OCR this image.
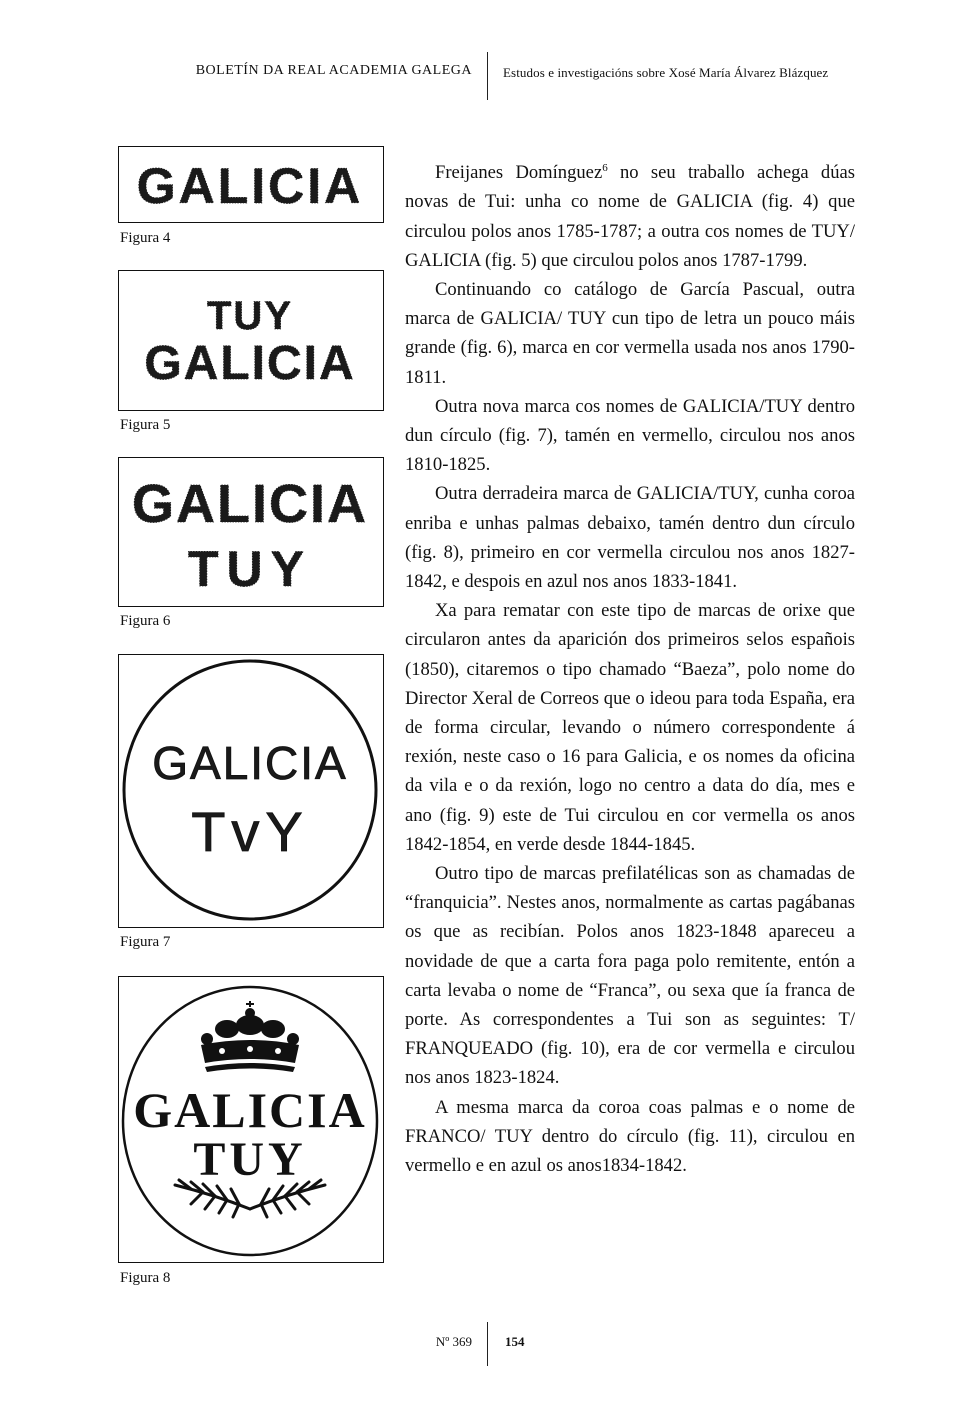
BOLETÍN DA REAL ACADEMIA GALEGA Estudos e investigacións sobre Xosé María Álvarez Blázquez
GALICIA
Figura 4
TUY
GALICIA
Figura 5
GALICIA
TUY
Figura 6
GALICIA
TvY
Figura 7
GALICIA
TUY
Figura 8

Freijanes Domínguez$^6$ no seu traballo achega dúas novas de Tui: unha co nome de GALICIA (fig. 4) que circulou polos anos 1785-1787; a outra cos nomes de TUY/ GALICIA (fig. 5) que circulou polos anos 1787-1799.

Continuando co catálogo de García Pascual, outra marca de GALICIA/ TUY cun tipo de letra un pouco máis grande (fig. 6), marca en cor vermella usada nos anos 1790-1811.

Outra nova marca cos nomes de GALICIA/TUY dentro dun círculo (fig. 7), tamén en vermello, circulou nos anos 1810-1825.

Outra derradeira marca de GALICIA/TUY, cunha coroa enriba e unhas palmas debaixo, tamén dentro dun círculo (fig. 8), primeiro en cor vermella circulou nos anos 1827-1842, e despois en azul nos anos 1833-1841.

Xa para rematar con este tipo de marcas de orixe que circularon antes da aparición dos primeiros selos españois (1850), citaremos o tipo chamado “Baeza”, polo nome do Director Xeral de Correos que o ideou para toda España, era de forma circular, levando o número correspondente á rexión, neste caso o 16 para Galicia, e os nomes da oficina da vila e o da rexión, logo no centro a data do día, mes e ano (fig. 9) este de Tui circulou en cor vermella os anos 1842-1854, en verde desde 1844-1845.

Outro tipo de marcas prefilatélicas son as chamadas de “franquicia”. Nestes anos, normalmente as cartas pagábanas os que as recibían. Polos anos 1823-1848 apareceu a novidade de que a carta fora paga polo remitente, entón a carta levaba o nome de “Franca”, ou sexa que ía franca de porte. As correspondentes a Tui son as seguintes: T/ FRANQUEADO (fig. 10), era de cor vermella e circulou nos anos 1823-1824.

A mesma marca da coroa coas palmas e o nome de FRANCO/ TUY dentro do círculo (fig. 11), circulou en vermello e en azul os anos1834-1842.

Nº 369	154
